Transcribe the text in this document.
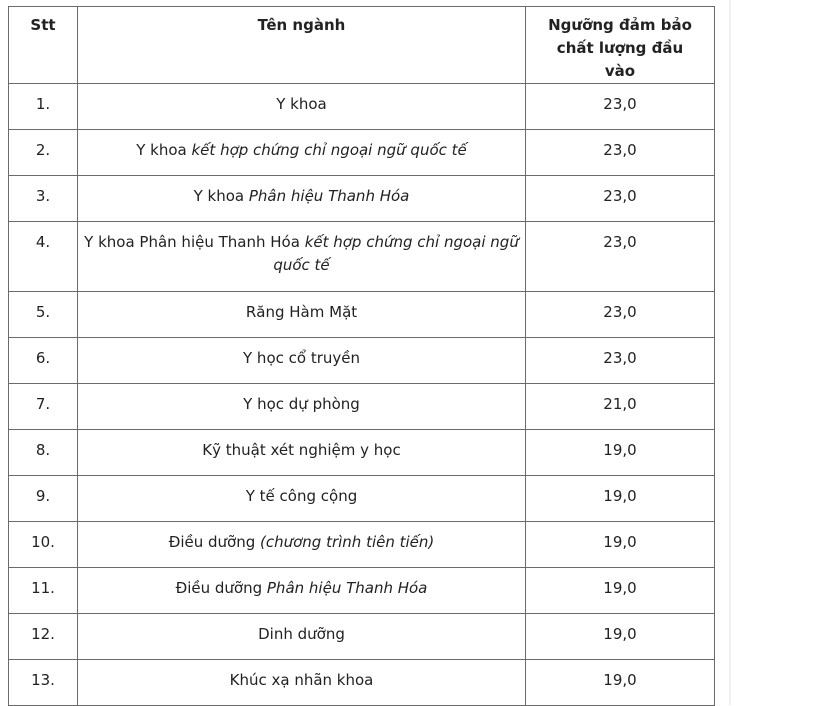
Stt	Tên ngành	Ngưỡng đảm bảo chất lượng đầu vào
1.	Y khoa	23,0
2.	Y khoa kết hợp chứng chỉ ngoại ngữ quốc tế	23,0
3.	Y khoa Phân hiệu Thanh Hóa	23,0
4.	Y khoa Phân hiệu Thanh Hóa kết hợp chứng chỉ ngoại ngữ quốc tế	23,0
5.	Răng Hàm Mặt	23,0
6.	Y học cổ truyền	23,0
7.	Y học dự phòng	21,0
8.	Kỹ thuật xét nghiệm y học	19,0
9.	Y tế công cộng	19,0
10.	Điều dưỡng (chương trình tiên tiến)	19,0
11.	Điều dưỡng Phân hiệu Thanh Hóa	19,0
12.	Dinh dưỡng	19,0
13.	Khúc xạ nhãn khoa	19,0
